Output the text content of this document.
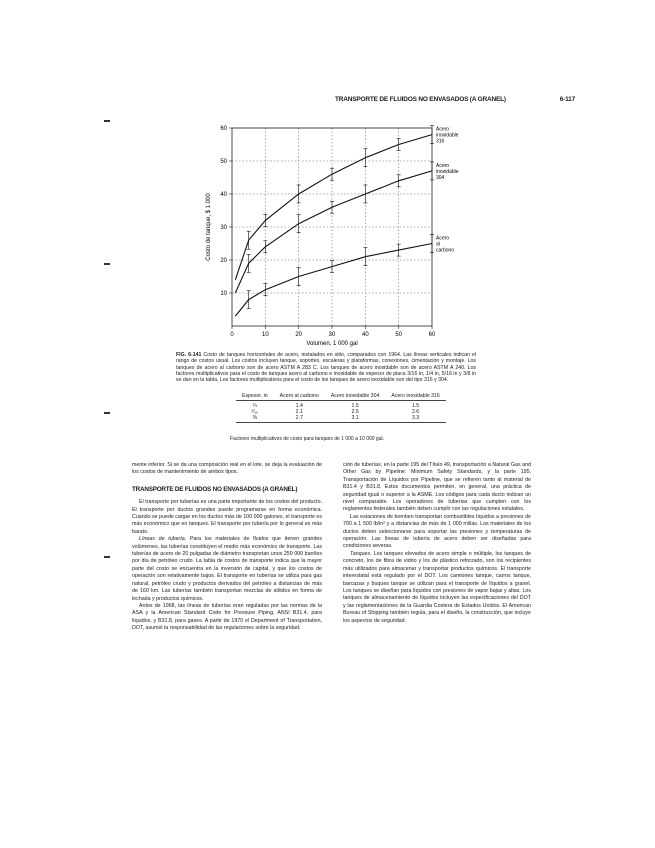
TRANSPORTE DE FLUIDOS NO ENVASADOS (A GRANEL)	6-117
0	10	20	30	40	50	60
10
20
30
40
50
60
Volumen, 1 000 gal
Costo de tanque, $ 1 000
Acero inoxidable 316
Acero inoxidable 304
Acero al carbono
FIG. 6-141 Costo de tanques horizontales de acero, instalados en sitio, comparados con 1964. Las líneas verticales indican el rango de costos usual. Los costos incluyen tanque, soportes, escaleras y plataformas, conexiones, cimentación y montaje. Los tanques de acero al carbono son de acero ASTM A 283 C. Los tanques de acero inoxidable son de acero ASTM A 240. Los factores multiplicativos para el costo de tanques acero al carbono e inoxidable de espesor de placa 3/16 in, 1/4 in, 5/16 in y 3/8 in se dan en la tabla. Los factores multiplicativos para el costo de los tanques de acero inoxidable son del tipo 316 y 304.
Espesor, in	Acero al carbono	Acero inoxidable 304	Acero inoxidable 316
¼	1.4	1.5	1.5
⁵⁄₁₆	2.1	2.5	2.6
⅜	2.7	3.1	3.3
Factores multiplicativos de costo para tanques de 1 000 a 10 000 gal.

mente inferior. Si se da una composición real en el lote, se deja la evaluación de los costos de mantenimiento de ambos tipos.

TRANSPORTE DE FLUIDOS NO ENVASADOS (A GRANEL)

El transporte por tuberías es una parte importante de los costos del producto. El transporte por ductos grandes puede programarse en forma económica. Cuando se puede cargar en los ductos más de 100 000 galones, el transporte es más económico que en tanques. El transporte por tubería por lo general es más barato.

Líneas de tubería. Para los materiales de fluidos que tienen grandes volúmenes, las tuberías constituyen el medio más económico de transporte. Las tuberías de acero de 20 pulgadas de diámetro transportan unos 250 000 barriles por día de petróleo crudo. La tabla de costos de transporte indica que la mayor parte del costo se encuentra en la inversión de capital, y que los costos de operación son relativamente bajos. El transporte en tuberías se utiliza para gas natural, petróleo crudo y productos derivados del petróleo a distancias de más de 160 km. Las tuberías también transportan mezclas de sólidos en forma de lechada y productos químicos.

Antes de 1968, las líneas de tuberías eran reguladas por las normas de la ASA y la American Standard Code for Pressure Piping, ANSI B31.4, para líquidos, y B31.8, para gases. A partir de 1970 el Department of Transportation, DOT, asumió la responsabilidad de las regulaciones sobre la seguridad.

ción de tuberías, en la parte 195 del Título 49, transportación a Natural Gas and Other Gas by Pipeline: Minimum Safety Standards, y la parte 195, Transportación de Líquidos por Pipeline, que se refieren tanto al material de B31.4 y B31.8. Estos documentos permiten, en general, una práctica de seguridad igual o superior a la ASME. Los códigos para cada ducto indican un nivel comparable. Los operadores de tuberías que cumplen con los reglamentos federales también deben cumplir con las regulaciones estatales.

Las estaciones de bombeo transportan combustibles líquidos a presiones de 700 a 1 500 lb/in² y a distancias de más de 1 000 millas. Los materiales de los ductos deben seleccionarse para soportar las presiones y temperaturas de operación. Las líneas de tubería de acero deben ser diseñadas para condiciones severas.

Tanques. Los tanques elevados de acero simple o múltiple, los tanques de concreto, los de fibra de vidrio y los de plástico reforzado, son los recipientes más utilizados para almacenar y transportar productos químicos. El transporte interestatal está regulado por el DOT. Los camiones tanque, carros tanque, barcazas y buques tanque se utilizan para el transporte de líquidos a granel. Los tanques se diseñan para líquidos con presiones de vapor bajas y altas. Los tanques de almacenamiento de líquidos incluyen las especificaciones del DOT y las reglamentaciones de la Guardia Costera de Estados Unidos. El American Bureau of Shipping también regula, para el diseño, la construcción, que incluye los aspectos de seguridad.
